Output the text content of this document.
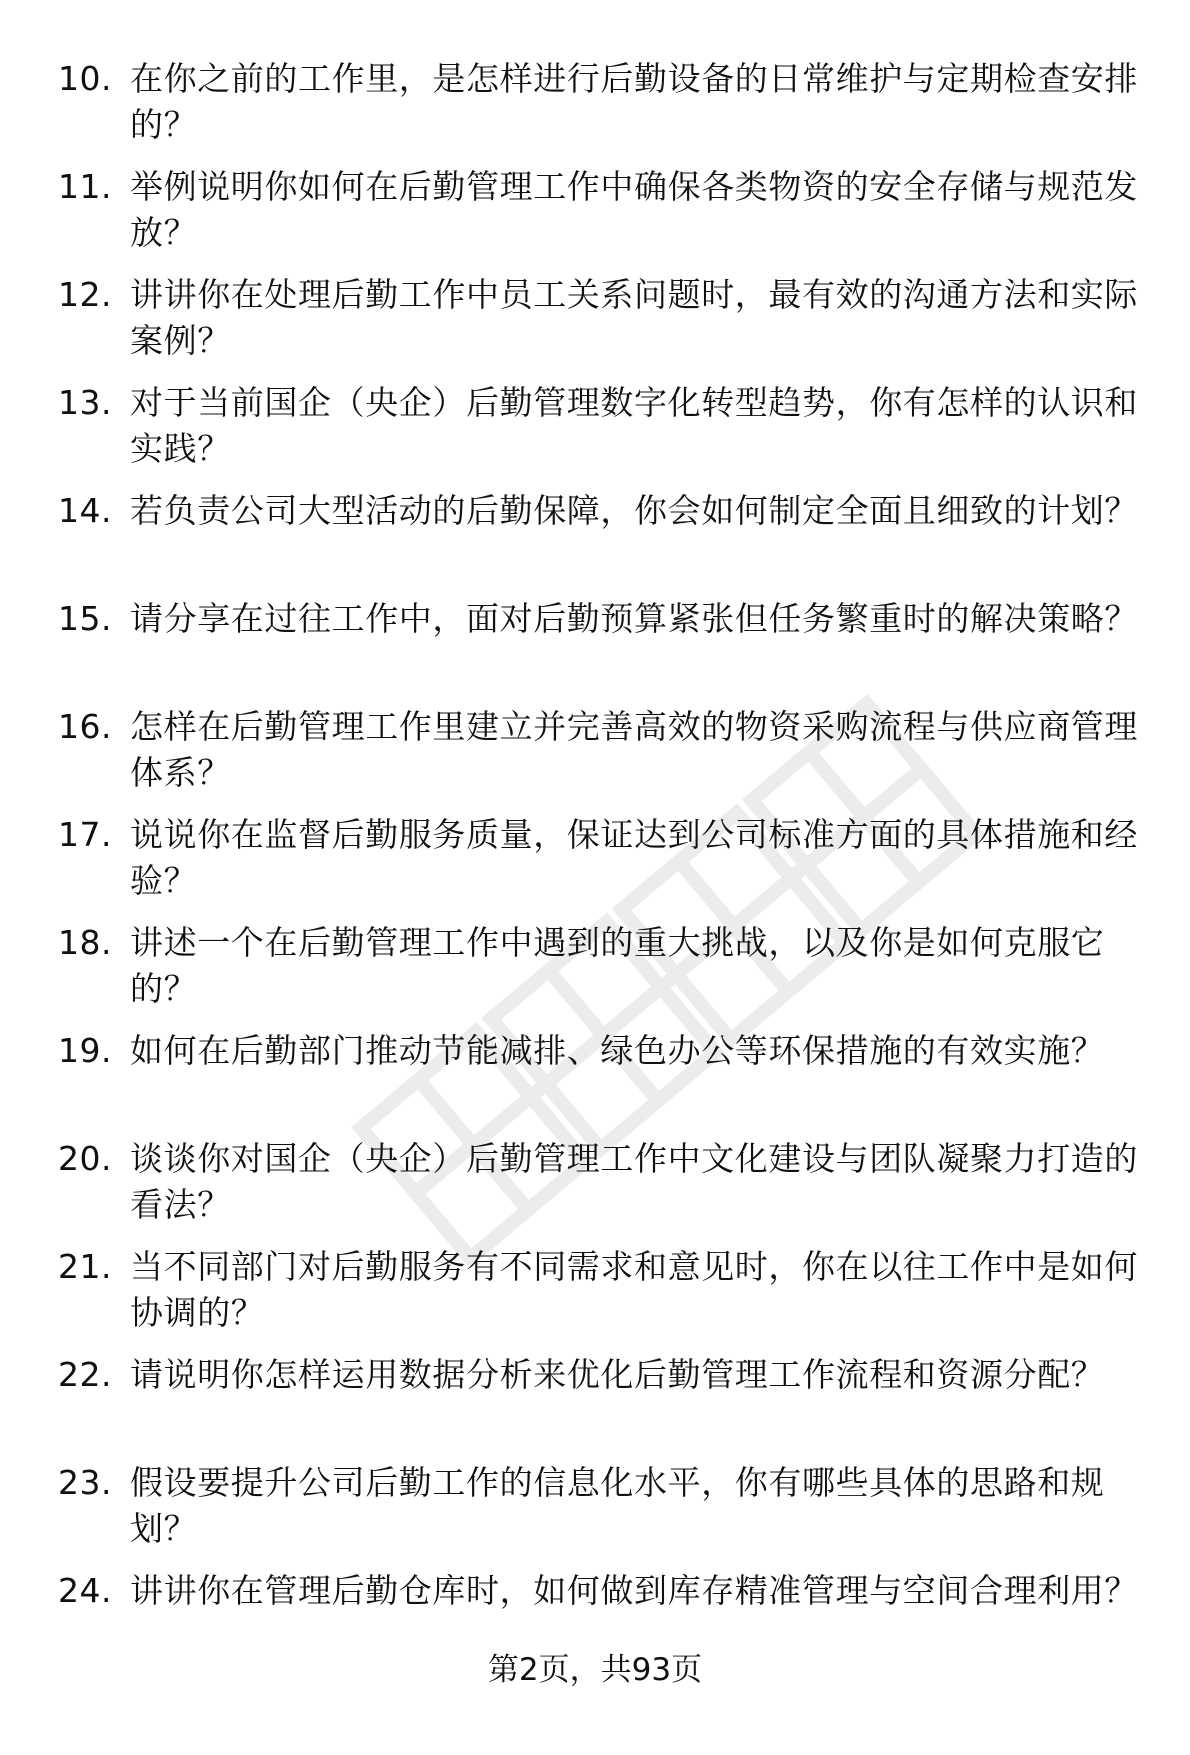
10. 在你之前的工作里，是怎样进行后勤设备的日常维护与定期检查安排的？
11. 举例说明你如何在后勤管理工作中确保各类物资的安全存储与规范发放？
12. 讲讲你在处理后勤工作中员工关系问题时，最有效的沟通方法和实际案例？
13. 对于当前国企（央企）后勤管理数字化转型趋势，你有怎样的认识和实践？
14. 若负责公司大型活动的后勤保障，你会如何制定全面且细致的计划？
15. 请分享在过往工作中，面对后勤预算紧张但任务繁重时的解决策略？
16. 怎样在后勤管理工作里建立并完善高效的物资采购流程与供应商管理体系？
17. 说说你在监督后勤服务质量，保证达到公司标准方面的具体措施和经验？
18. 讲述一个在后勤管理工作中遇到的重大挑战，以及你是如何克服它的？
19. 如何在后勤部门推动节能减排、绿色办公等环保措施的有效实施？
20. 谈谈你对国企（央企）后勤管理工作中文化建设与团队凝聚力打造的看法？
21. 当不同部门对后勤服务有不同需求和意见时，你在以往工作中是如何协调的？
22. 请说明你怎样运用数据分析来优化后勤管理工作流程和资源分配？
23. 假设要提升公司后勤工作的信息化水平，你有哪些具体的思路和规划？
24. 讲讲你在管理后勤仓库时，如何做到库存精准管理与空间合理利用？
第2页，共93页
